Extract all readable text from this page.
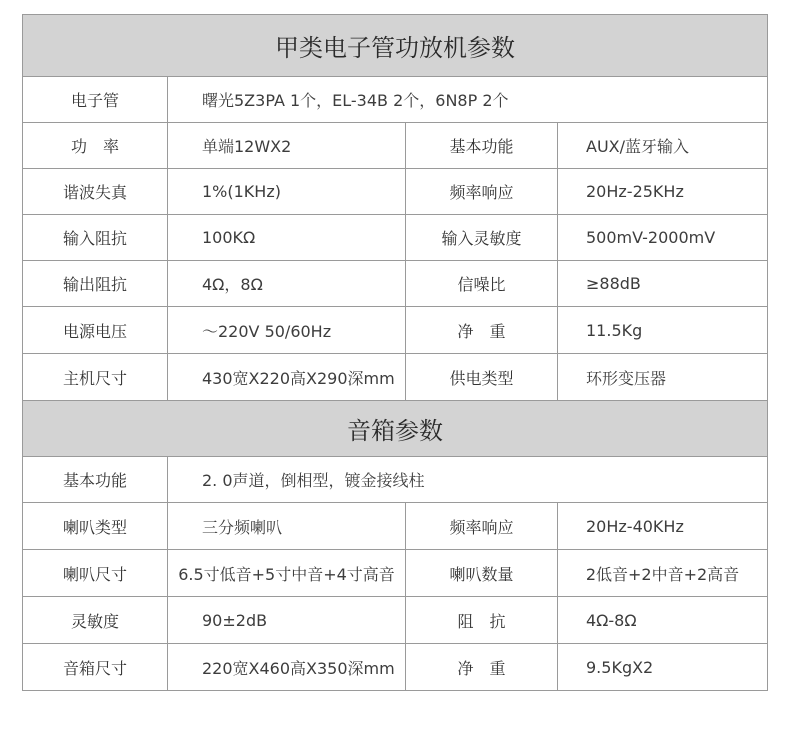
甲类电子管功放机参数			
电子管	曙光5Z3PA 1个，EL-34B 2个，6N8P 2个		
功　率	单端12WX2	基本功能	AUX/蓝牙输入
谐波失真	1%(1KHz)	频率响应	20Hz-25KHz
输入阻抗	100KΩ	输入灵敏度	500mV-2000mV
输出阻抗	4Ω，8Ω	信噪比	≥88dB
电源电压	～220V 50/60Hz	净　重	11.5Kg
主机尺寸	430宽X220高X290深mm	供电类型	环形变压器
音箱参数			
基本功能	2. 0声道，倒相型，镀金接线柱		
喇叭类型	三分频喇叭	频率响应	20Hz-40KHz
喇叭尺寸	6.5寸低音+5寸中音+4寸高音	喇叭数量	2低音+2中音+2高音
灵敏度	90±2dB	阻　抗	4Ω-8Ω
音箱尺寸	220宽X460高X350深mm	净　重	9.5KgX2
